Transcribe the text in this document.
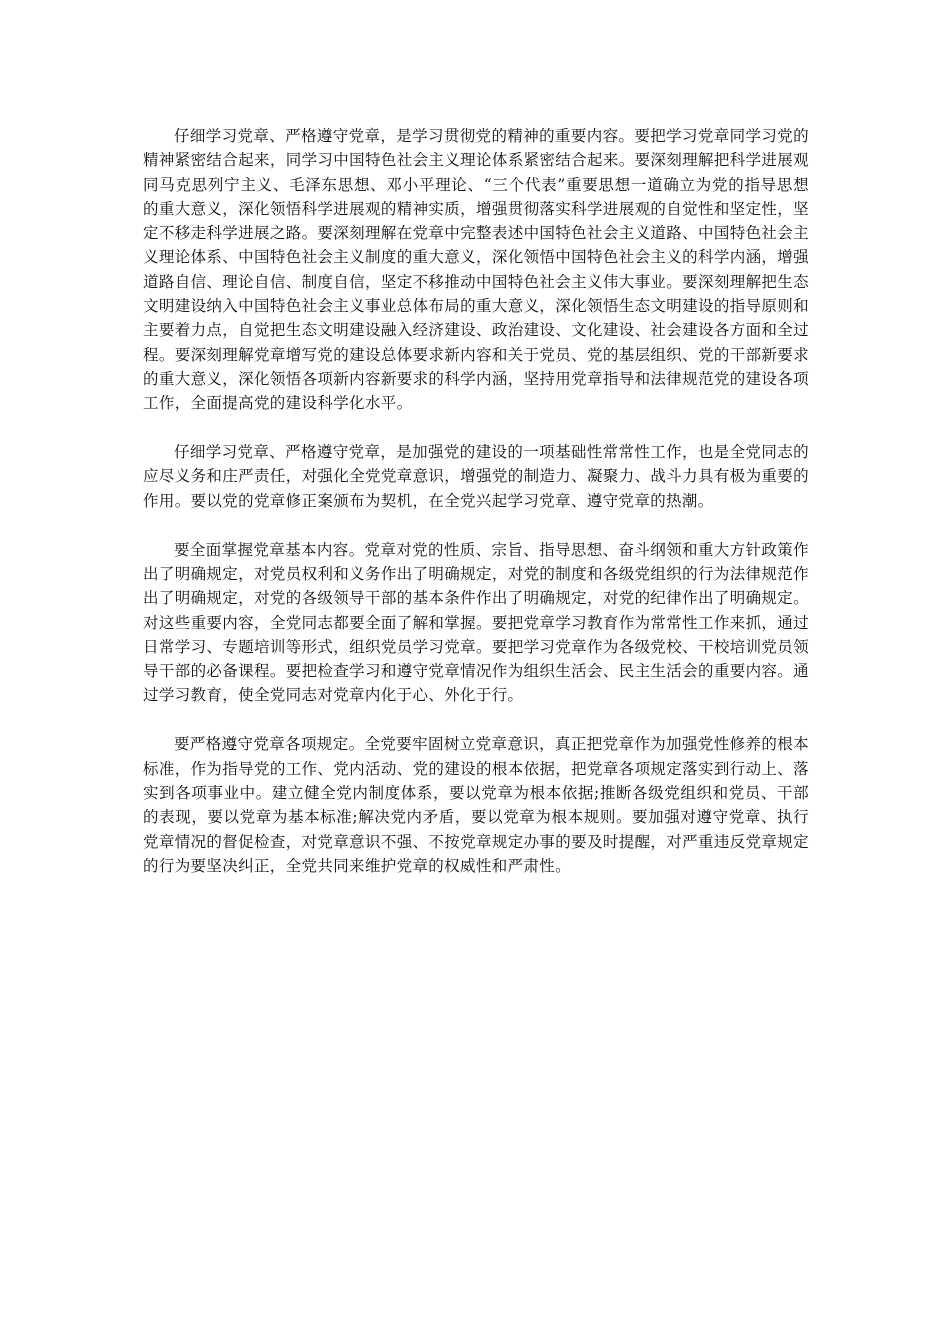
仔细学习党章、严格遵守党章，是学习贯彻党的精神的重要内容。要把学习党章同学习党的精神紧密结合起来，同学习中国特色社会主义理论体系紧密结合起来。要深刻理解把科学进展观同马克思列宁主义、毛泽东思想、邓小平理论、“三个代表”重要思想一道确立为党的指导思想的重大意义，深化领悟科学进展观的精神实质，增强贯彻落实科学进展观的自觉性和坚定性，坚定不移走科学进展之路。要深刻理解在党章中完整表述中国特色社会主义道路、中国特色社会主义理论体系、中国特色社会主义制度的重大意义，深化领悟中国特色社会主义的科学内涵，增强道路自信、理论自信、制度自信，坚定不移推动中国特色社会主义伟大事业。要深刻理解把生态文明建设纳入中国特色社会主义事业总体布局的重大意义，深化领悟生态文明建设的指导原则和主要着力点，自觉把生态文明建设融入经济建设、政治建设、文化建设、社会建设各方面和全过程。要深刻理解党章增写党的建设总体要求新内容和关于党员、党的基层组织、党的干部新要求的重大意义，深化领悟各项新内容新要求的科学内涵，坚持用党章指导和法律规范党的建设各项工作，全面提高党的建设科学化水平。

仔细学习党章、严格遵守党章，是加强党的建设的一项基础性常常性工作，也是全党同志的应尽义务和庄严责任，对强化全党党章意识，增强党的制造力、凝聚力、战斗力具有极为重要的作用。要以党的党章修正案颁布为契机，在全党兴起学习党章、遵守党章的热潮。

要全面掌握党章基本内容。党章对党的性质、宗旨、指导思想、奋斗纲领和重大方针政策作出了明确规定，对党员权利和义务作出了明确规定，对党的制度和各级党组织的行为法律规范作出了明确规定，对党的各级领导干部的基本条件作出了明确规定，对党的纪律作出了明确规定。对这些重要内容，全党同志都要全面了解和掌握。要把党章学习教育作为常常性工作来抓，通过日常学习、专题培训等形式，组织党员学习党章。要把学习党章作为各级党校、干校培训党员领导干部的必备课程。要把检查学习和遵守党章情况作为组织生活会、民主生活会的重要内容。通过学习教育，使全党同志对党章内化于心、外化于行。

要严格遵守党章各项规定。全党要牢固树立党章意识，真正把党章作为加强党性修养的根本标准，作为指导党的工作、党内活动、党的建设的根本依据，把党章各项规定落实到行动上、落实到各项事业中。建立健全党内制度体系，要以党章为根本依据;推断各级党组织和党员、干部的表现，要以党章为基本标准;解决党内矛盾，要以党章为根本规则。要加强对遵守党章、执行党章情况的督促检查，对党章意识不强、不按党章规定办事的要及时提醒，对严重违反党章规定的行为要坚决纠正，全党共同来维护党章的权威性和严肃性。
